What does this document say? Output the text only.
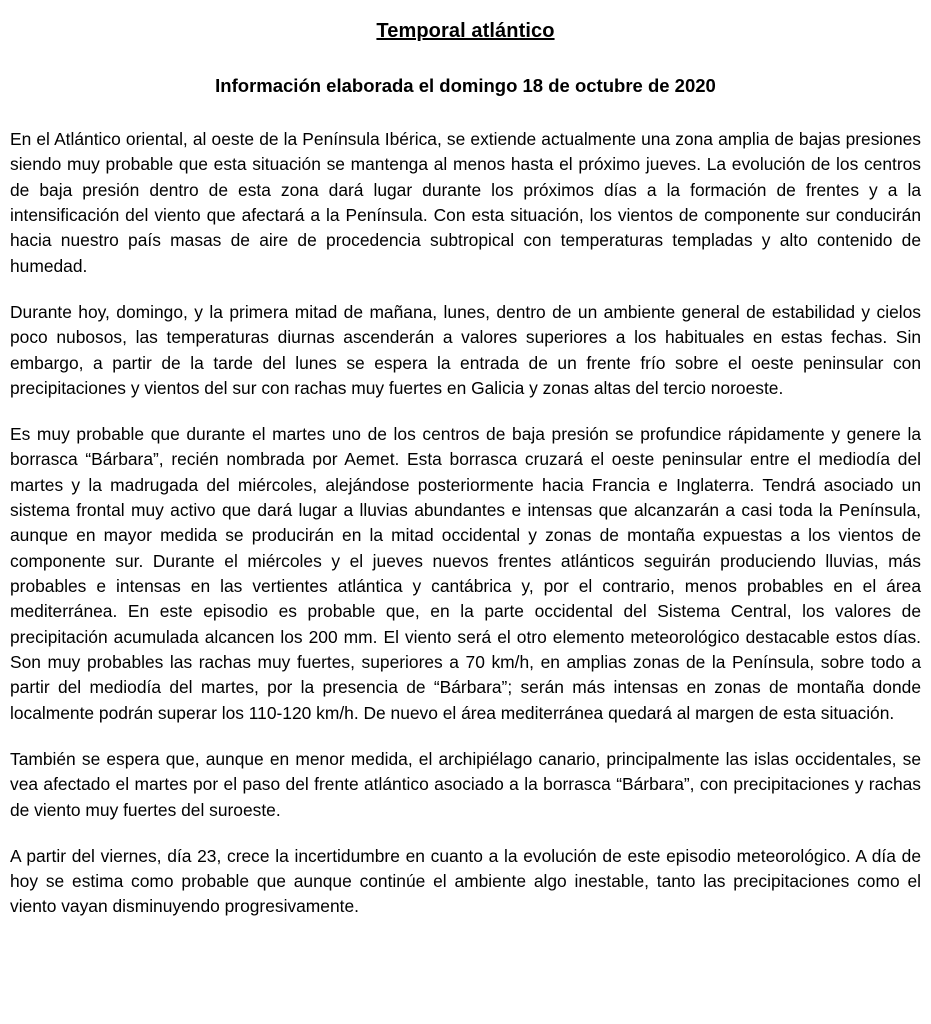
Temporal atlántico
Información elaborada el domingo 18 de octubre de 2020

En el Atlántico oriental, al oeste de la Península Ibérica, se extiende actualmente una zona amplia de bajas presiones siendo muy probable que esta situación se mantenga al menos hasta el próximo jueves. La evolución de los centros de baja presión dentro de esta zona dará lugar durante los próximos días a la formación de frentes y a la intensificación del viento que afectará a la Península. Con esta situación, los vientos de componente sur conducirán hacia nuestro país masas de aire de procedencia subtropical con temperaturas templadas y alto contenido de humedad.

Durante hoy, domingo, y la primera mitad de mañana, lunes, dentro de un ambiente general de estabilidad y cielos poco nubosos, las temperaturas diurnas ascenderán a valores superiores a los habituales en estas fechas. Sin embargo, a partir de la tarde del lunes se espera la entrada de un frente frío sobre el oeste peninsular con precipitaciones y vientos del sur con rachas muy fuertes en Galicia y zonas altas del tercio noroeste.

Es muy probable que durante el martes uno de los centros de baja presión se profundice rápidamente y genere la borrasca “Bárbara”, recién nombrada por Aemet. Esta borrasca cruzará el oeste peninsular entre el mediodía del martes y la madrugada del miércoles, alejándose posteriormente hacia Francia e Inglaterra. Tendrá asociado un sistema frontal muy activo que dará lugar a lluvias abundantes e intensas que alcanzarán a casi toda la Península, aunque en mayor medida se producirán en la mitad occidental y zonas de montaña expuestas a los vientos de componente sur. Durante el miércoles y el jueves nuevos frentes atlánticos seguirán produciendo lluvias, más probables e intensas en las vertientes atlántica y cantábrica y, por el contrario, menos probables en el área mediterránea. En este episodio es probable que, en la parte occidental del Sistema Central, los valores de precipitación acumulada alcancen los 200 mm. El viento será el otro elemento meteorológico destacable estos días. Son muy probables las rachas muy fuertes, superiores a 70 km/h, en amplias zonas de la Península, sobre todo a partir del mediodía del martes, por la presencia de “Bárbara”; serán más intensas en zonas de montaña donde localmente podrán superar los 110-120 km/h. De nuevo el área mediterránea quedará al margen de esta situación.

También se espera que, aunque en menor medida, el archipiélago canario, principalmente las islas occidentales, se vea afectado el martes por el paso del frente atlántico asociado a la borrasca “Bárbara”, con precipitaciones y rachas de viento muy fuertes del suroeste.

A partir del viernes, día 23, crece la incertidumbre en cuanto a la evolución de este episodio meteorológico. A día de hoy se estima como probable que aunque continúe el ambiente algo inestable, tanto las precipitaciones como el viento vayan disminuyendo progresivamente.
